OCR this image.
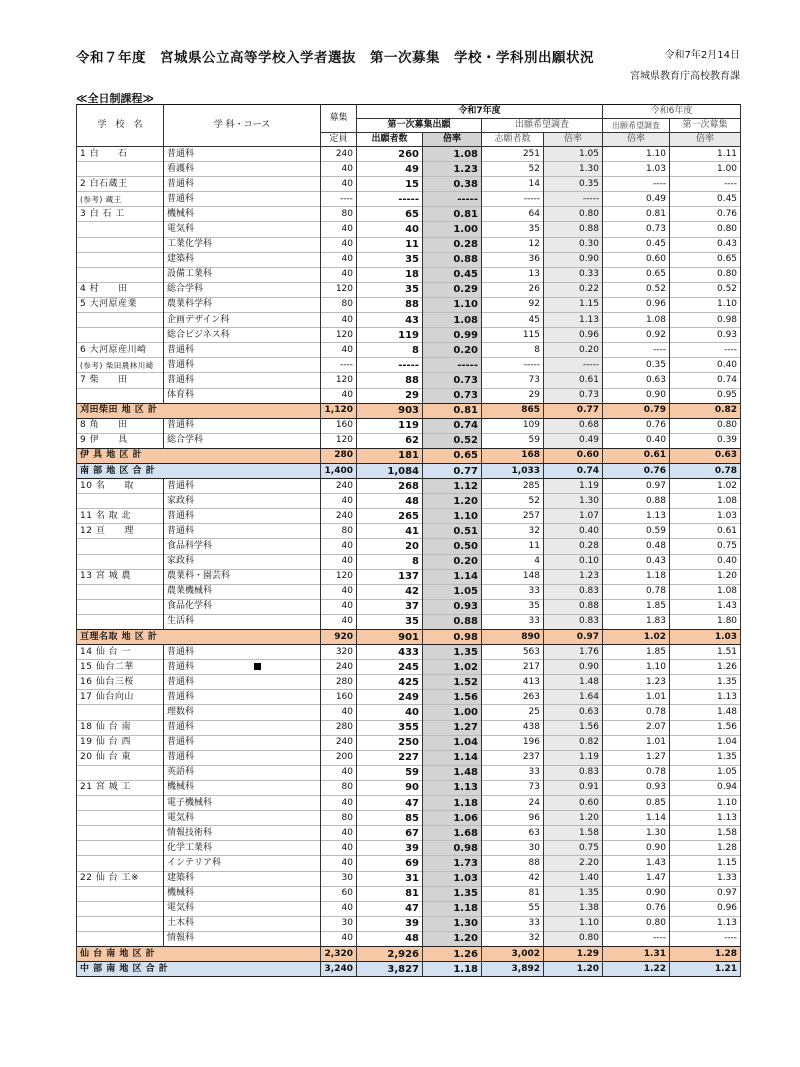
令和７年度　宮城県公立高等学校入学者選抜　第一次募集　学校・学科別出願状況	令和7年2月14日
宮城県教育庁高校教育課
≪全日制課程≫
学　校　名	学 科・コース	募集	令和7年度				令和6年度	
			第一次募集出願		出願希望調査		出願希望調査	第一次募集
		定員	出願者数	倍率	志願者数	倍率	倍率	倍率
1 白　　石	普通科	240	260	1.08	251	1.05	1.10	1.11
	看護科	40	49	1.23	52	1.30	1.03	1.00
2 白石蔵王	普通科	40	15	0.38	14	0.35	----	----
(参考) 蔵王	普通科	----	-----	-----	-----	-----	0.49	0.45
3 白 石 工	機械科	80	65	0.81	64	0.80	0.81	0.76
	電気科	40	40	1.00	35	0.88	0.73	0.80
	工業化学科	40	11	0.28	12	0.30	0.45	0.43
	建築科	40	35	0.88	36	0.90	0.60	0.65
	設備工業科	40	18	0.45	13	0.33	0.65	0.80
4 村　　田	総合学科	120	35	0.29	26	0.22	0.52	0.52
5 大河原産業	農業科学科	80	88	1.10	92	1.15	0.96	1.10
	企画デザイン科	40	43	1.08	45	1.13	1.08	0.98
	総合ビジネス科	120	119	0.99	115	0.96	0.92	0.93
6 大河原産川崎	普通科	40	8	0.20	8	0.20	----	----
(参考) 柴田農林川崎	普通科	----	-----	-----	-----	-----	0.35	0.40
7 柴　　田	普通科	120	88	0.73	73	0.61	0.63	0.74
	体育科	40	29	0.73	29	0.73	0.90	0.95
刈田柴田 地 区 計		1,120	903	0.81	865	0.77	0.79	0.82
8 角　　田	普通科	160	119	0.74	109	0.68	0.76	0.80
9 伊　　具	総合学科	120	62	0.52	59	0.49	0.40	0.39
伊 具 地 区 計		280	181	0.65	168	0.60	0.61	0.63
南 部 地 区 合 計		1,400	1,084	0.77	1,033	0.74	0.76	0.78
10 名　　取	普通科	240	268	1.12	285	1.19	0.97	1.02
	家政科	40	48	1.20	52	1.30	0.88	1.08
11 名 取 北	普通科	240	265	1.10	257	1.07	1.13	1.03
12 亘　　理	普通科	80	41	0.51	32	0.40	0.59	0.61
	食品科学科	40	20	0.50	11	0.28	0.48	0.75
	家政科	40	8	0.20	4	0.10	0.43	0.40
13 宮 城 農	農業科・園芸科	120	137	1.14	148	1.23	1.18	1.20
	農業機械科	40	42	1.05	33	0.83	0.78	1.08
	食品化学科	40	37	0.93	35	0.88	1.85	1.43
	生活科	40	35	0.88	33	0.83	1.83	1.80
亘理名取 地 区 計		920	901	0.98	890	0.97	1.02	1.03
14 仙 台 一	普通科	320	433	1.35	563	1.76	1.85	1.51
15 仙台二華	普通科	240	245	1.02	217	0.90	1.10	1.26
16 仙台三桜	普通科	280	425	1.52	413	1.48	1.23	1.35
17 仙台向山	普通科	160	249	1.56	263	1.64	1.01	1.13
	理数科	40	40	1.00	25	0.63	0.78	1.48
18 仙 台 南	普通科	280	355	1.27	438	1.56	2.07	1.56
19 仙 台 西	普通科	240	250	1.04	196	0.82	1.01	1.04
20 仙 台 東	普通科	200	227	1.14	237	1.19	1.27	1.35
	英語科	40	59	1.48	33	0.83	0.78	1.05
21 宮 城 工	機械科	80	90	1.13	73	0.91	0.93	0.94
	電子機械科	40	47	1.18	24	0.60	0.85	1.10
	電気科	80	85	1.06	96	1.20	1.14	1.13
	情報技術科	40	67	1.68	63	1.58	1.30	1.58
	化学工業科	40	39	0.98	30	0.75	0.90	1.28
	インテリア科	40	69	1.73	88	2.20	1.43	1.15
22 仙 台 工※	建築科	30	31	1.03	42	1.40	1.47	1.33
	機械科	60	81	1.35	81	1.35	0.90	0.97
	電気科	40	47	1.18	55	1.38	0.76	0.96
	土木科	30	39	1.30	33	1.10	0.80	1.13
	情報科	40	48	1.20	32	0.80	----	----
仙 台 南 地 区 計		2,320	2,926	1.26	3,002	1.29	1.31	1.28
中 部 南 地 区 合 計		3,240	3,827	1.18	3,892	1.20	1.22	1.21
